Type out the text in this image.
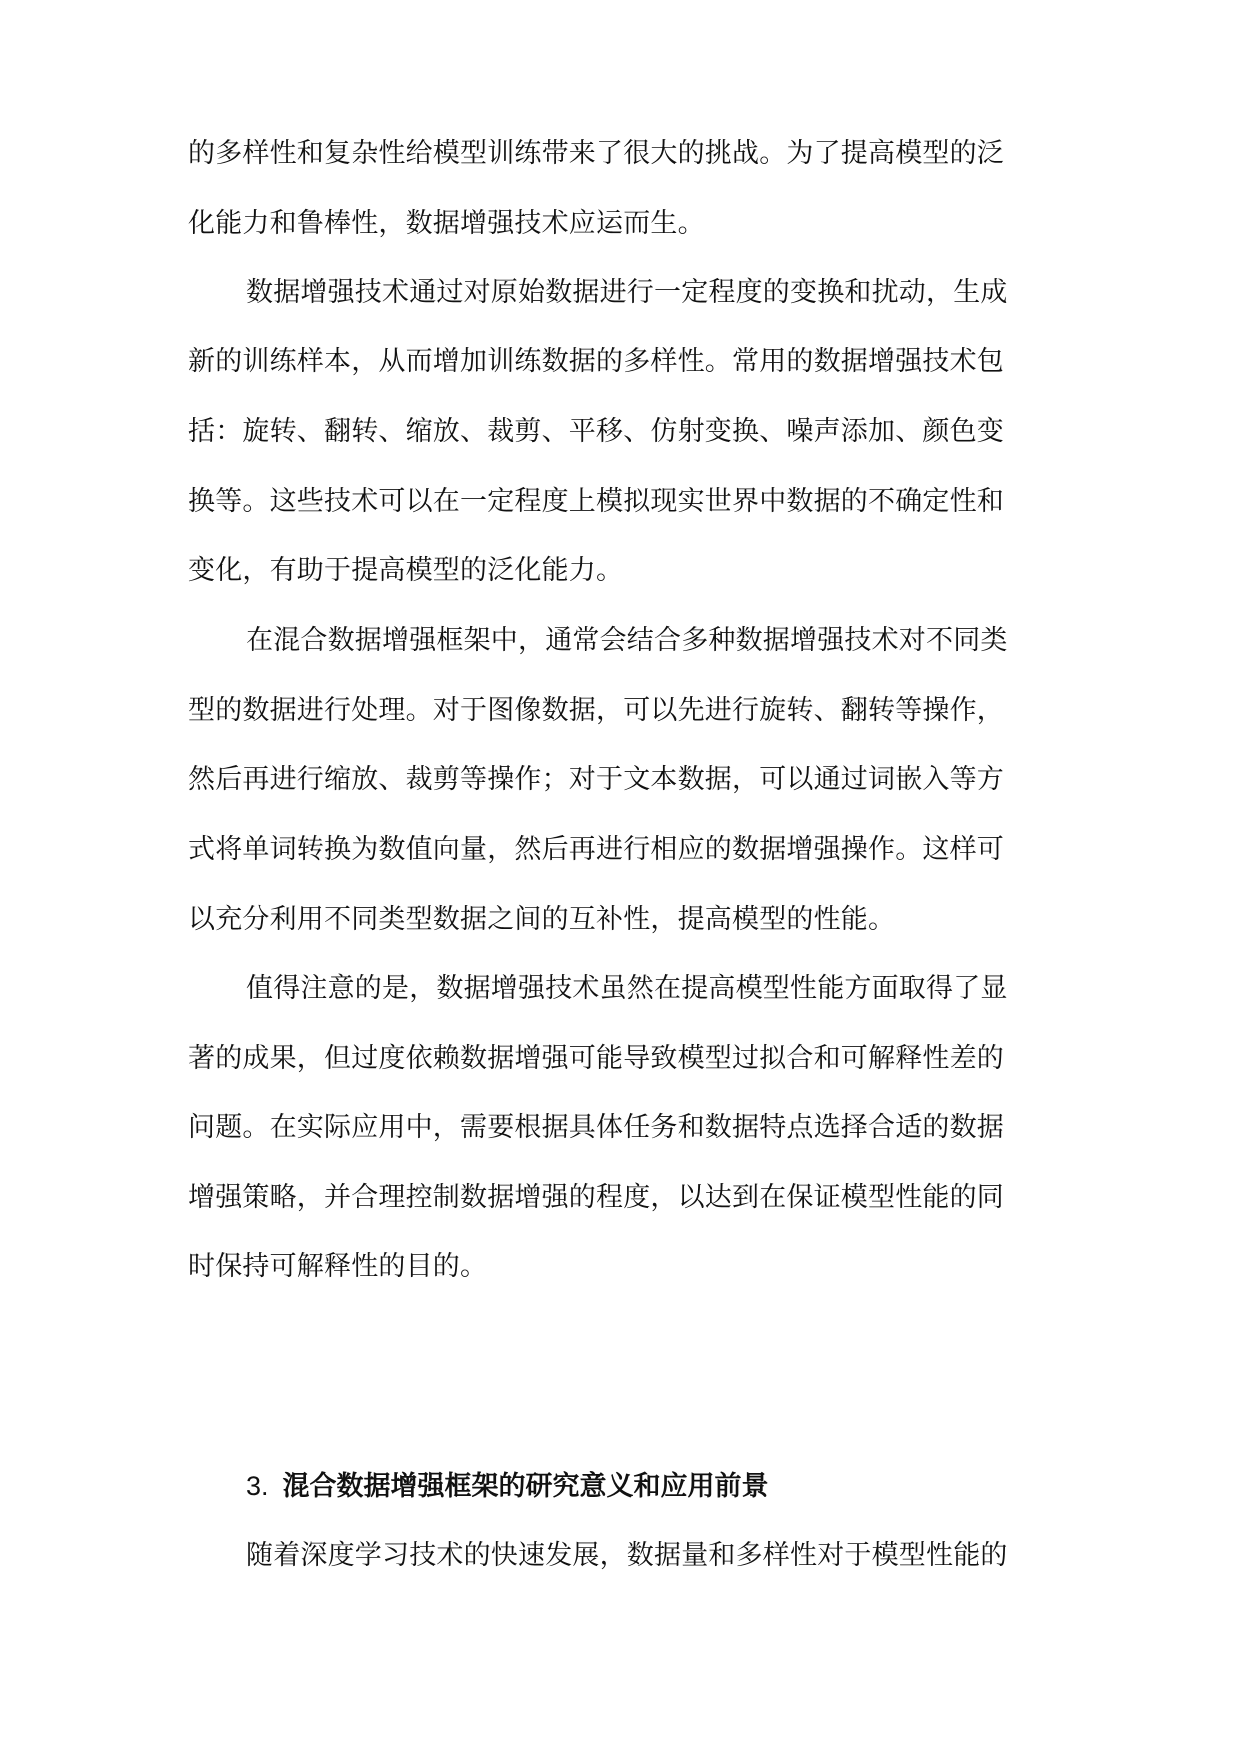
的多样性和复杂性给模型训练带来了很大的挑战。为了提高模型的泛
化能力和鲁棒性，数据增强技术应运而生。
数据增强技术通过对原始数据进行一定程度的变换和扰动，生成
新的训练样本，从而增加训练数据的多样性。常用的数据增强技术包
括：旋转、翻转、缩放、裁剪、平移、仿射变换、噪声添加、颜色变
换等。这些技术可以在一定程度上模拟现实世界中数据的不确定性和
变化，有助于提高模型的泛化能力。
在混合数据增强框架中，通常会结合多种数据增强技术对不同类
型的数据进行处理。对于图像数据，可以先进行旋转、翻转等操作，
然后再进行缩放、裁剪等操作；对于文本数据，可以通过词嵌入等方
式将单词转换为数值向量，然后再进行相应的数据增强操作。这样可
以充分利用不同类型数据之间的互补性，提高模型的性能。
值得注意的是，数据增强技术虽然在提高模型性能方面取得了显
著的成果，但过度依赖数据增强可能导致模型过拟合和可解释性差的
问题。在实际应用中，需要根据具体任务和数据特点选择合适的数据
增强策略，并合理控制数据增强的程度，以达到在保证模型性能的同
时保持可解释性的目的。
3. 混合数据增强框架的研究意义和应用前景
随着深度学习技术的快速发展，数据量和多样性对于模型性能的
